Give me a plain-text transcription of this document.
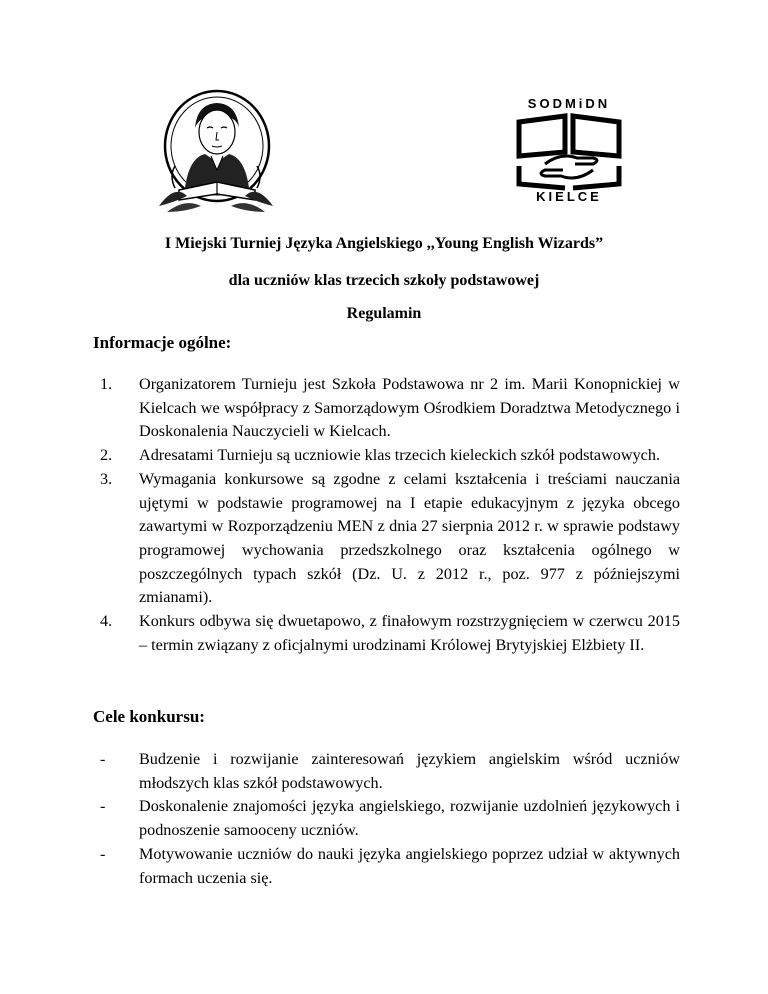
SODMiDN
KIELCE
I Miejski Turniej Języka Angielskiego ,,Young English Wizards”
dla uczniów klas trzecich szkoły podstawowej
Regulamin
Informacje ogólne:
1. Organizatorem Turnieju jest Szkoła Podstawowa nr 2 im. Marii Konopnickiej w Kielcach we współpracy z Samorządowym Ośrodkiem Doradztwa Metodycznego i Doskonalenia Nauczycieli w Kielcach.
2. Adresatami Turnieju są uczniowie klas trzecich kieleckich szkół podstawowych.
3. Wymagania konkursowe są zgodne z celami kształcenia i treściami nauczania ujętymi w podstawie programowej na I etapie edukacyjnym z języka obcego zawartymi w Rozporządzeniu MEN z dnia 27 sierpnia 2012 r. w sprawie podstawy programowej wychowania przedszkolnego oraz kształcenia ogólnego w poszczególnych typach szkół (Dz. U. z 2012 r., poz. 977 z późniejszymi zmianami).
4. Konkurs odbywa się dwuetapowo, z finałowym rozstrzygnięciem w czerwcu 2015 – termin związany z oficjalnymi urodzinami Królowej Brytyjskiej Elżbiety II.
Cele konkursu:
- Budzenie i rozwijanie zainteresowań językiem angielskim wśród uczniów młodszych klas szkół podstawowych.
- Doskonalenie znajomości języka angielskiego, rozwijanie uzdolnień językowych i podnoszenie samooceny uczniów.
- Motywowanie uczniów do nauki języka angielskiego poprzez udział w aktywnych formach uczenia się.
